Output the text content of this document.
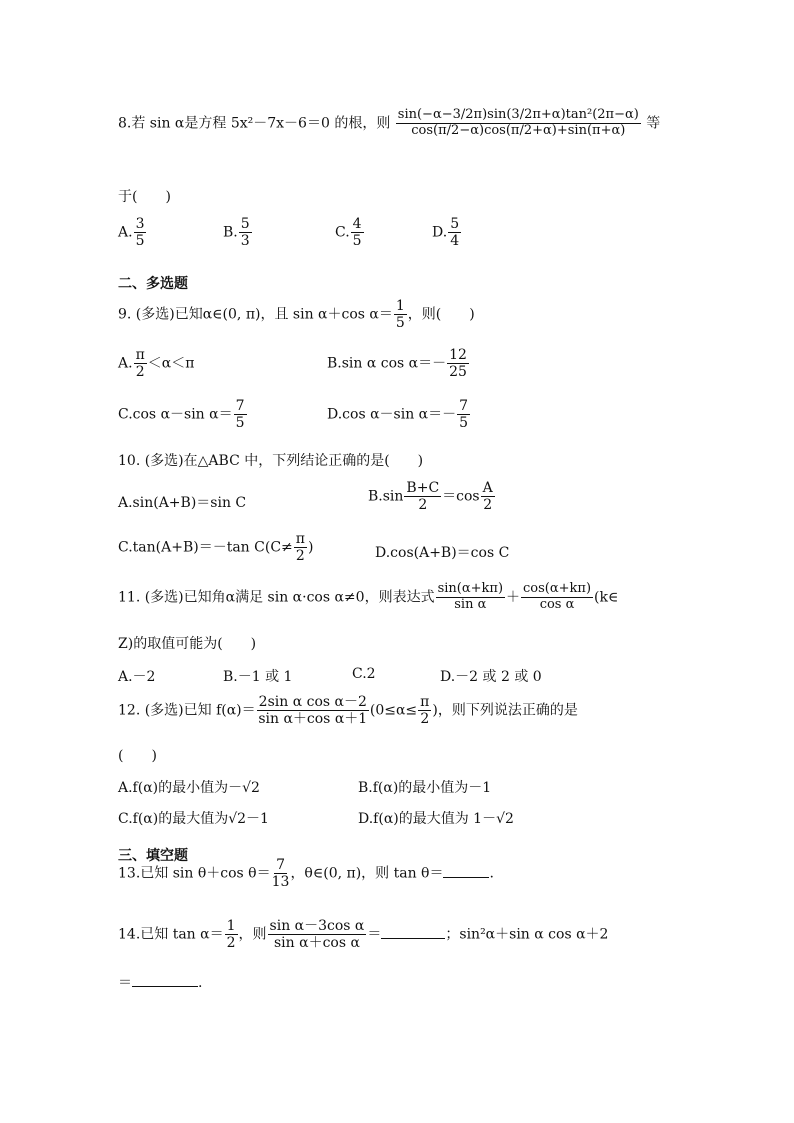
8.若 sin α是方程 5x²－7x－6＝0 的根，则 $\frac{\text{sin(−α−3/2π)sin(3/2π+α)tan²(2π−α)}}{\cos(\pi/2-\alpha)\cos(\pi/2+\alpha)+\sin(\pi+\alpha)}$ 等
于(　　)
A. $\frac{3}{5}$	B. $\frac{5}{3}$	C. $\frac{4}{5}$	D. $\frac{5}{4}$
二、多选题
9. (多选)已知α∈(0, π)，且 sin α＋cos $\alpha= \frac{1}{5}$ ，则(　　)
A. $\frac{\pi}{2} <\alpha<\pi$	B.sin α $\cos \alpha=- \frac{12}{25}$
C.cos α－sin $\alpha= \frac{7}{5}$	D.cos α－sin $\alpha=- \frac{7}{5}$
10. (多选)在△ABC 中，下列结论正确的是(　　)
A.sin(A+B)＝sin C	$B.\sin \frac{B+C}{2} =\cos \frac{A}{2}$
C.tan(A+B)＝－tan $C(C\ne \frac{\pi}{2}$ )	D.cos(A+B)＝cos C
11. (多选)已知角α满足 sin α·cos α≠0，则表达式 $\frac{\sin(\alpha+k\pi)}{\text{sin α}} + \frac{\cos(\alpha+k\pi)}{\text{cos α}}$ (k∈
Z)的取值可能为(　　)
A.－2	B.－1 或 1	C.2	D.－2 或 2 或 0
12. (多选)已知 $f(\alpha)= \frac{\text{2sin α cos α－2}}{\text{sin α＋cos α＋1}} (0\le\alpha\le \frac{\pi}{2}$ )，则下列说法正确的是
(　　)
A.f(α)的最小值为－√2	B.f(α)的最小值为－1
C.f(α)的最大值为√2－1	D.f(α)的最大值为 1－√2
三、填空题
13.已知 sin θ＋cos $\theta= \frac{7}{13}$ ，θ∈(0, π)，则 tan θ＝	.
14.已知 $\tan \alpha= \frac{1}{2}$ ，则 $\frac{\text{sin α－3cos α}}{\text{sin α＋cos α}}$ ＝	；sin²α＋sin α cos α＋2
＝	.
